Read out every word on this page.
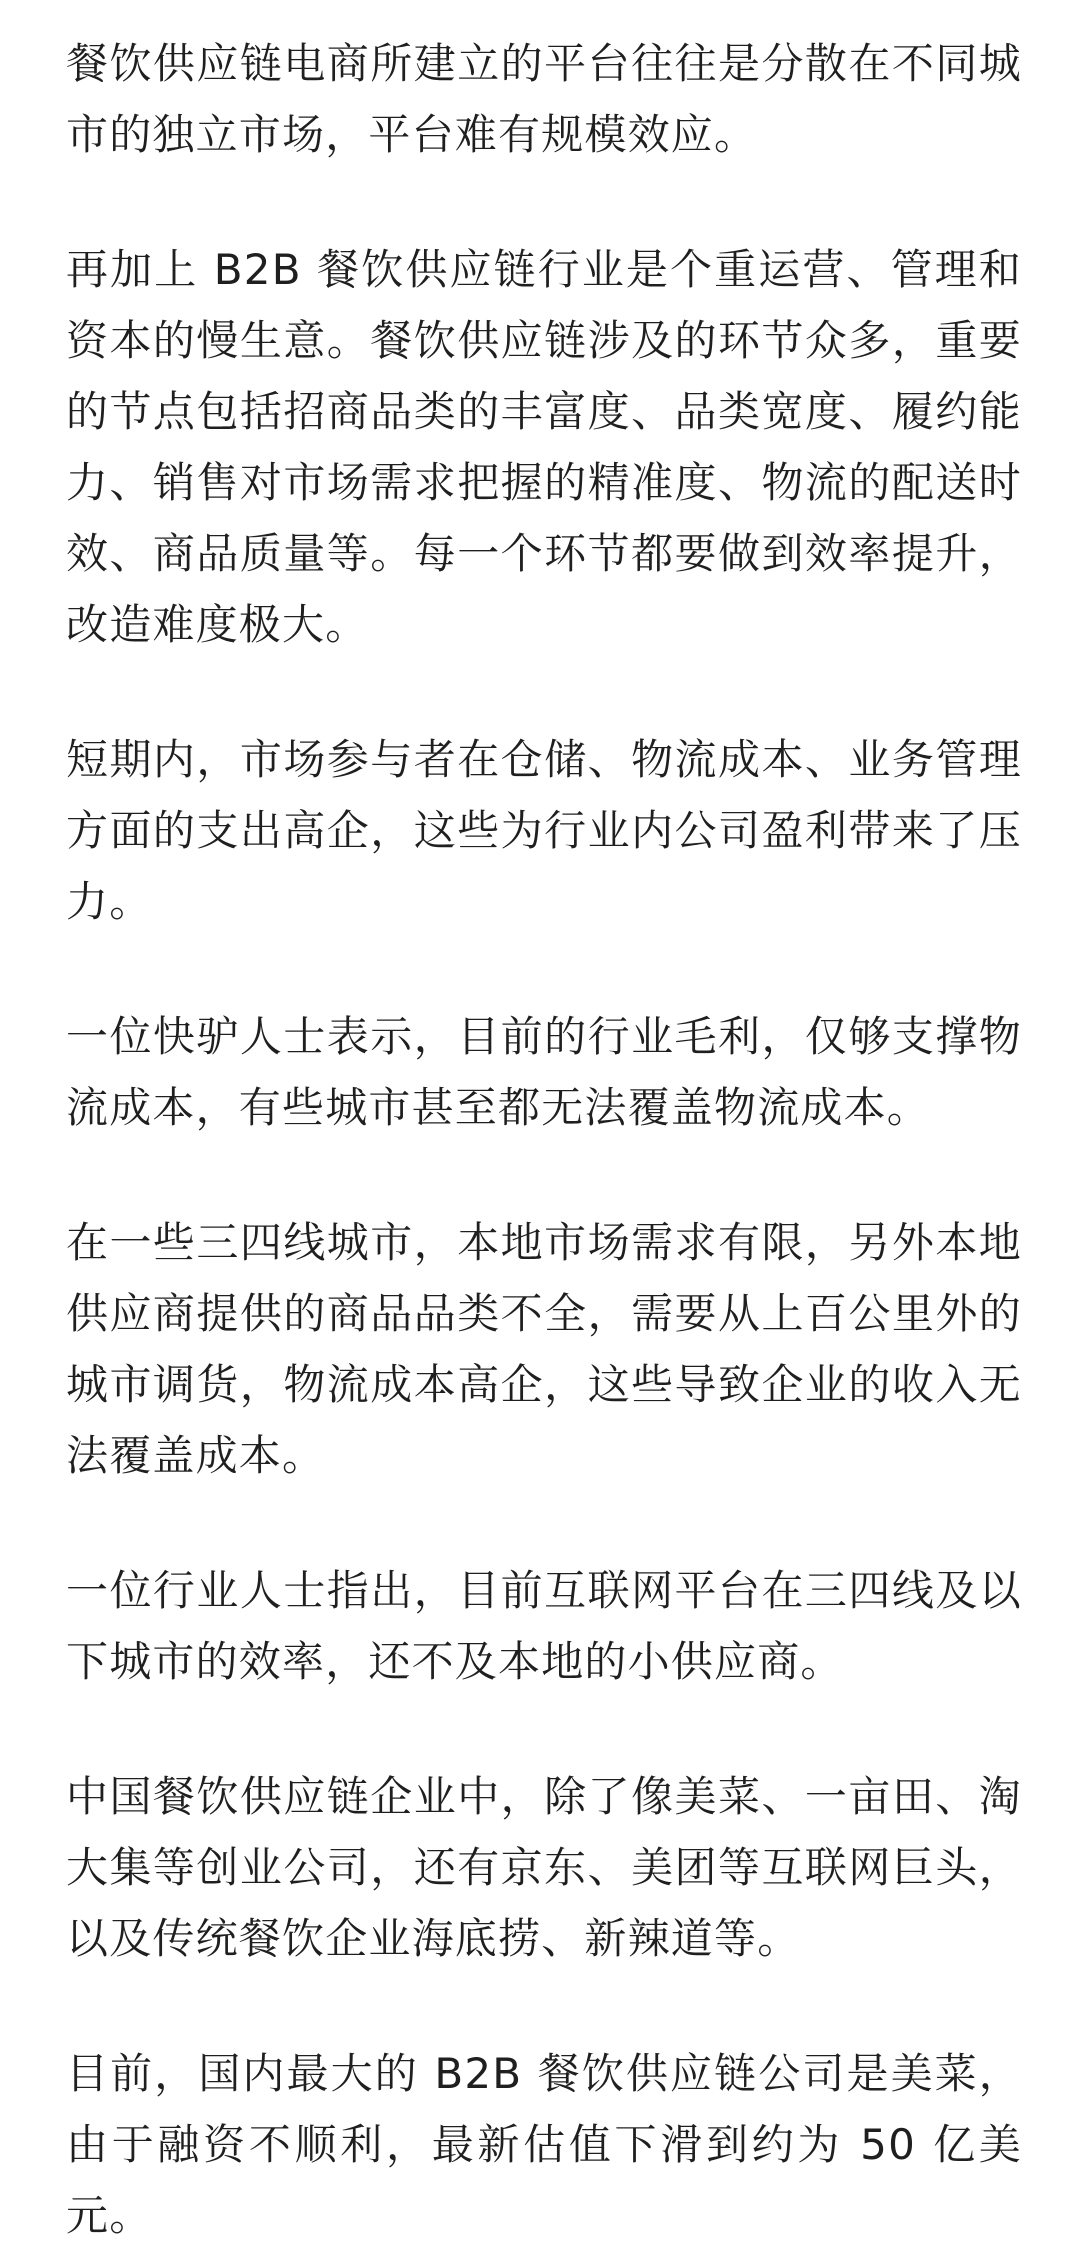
餐饮供应链电商所建立的平台往往是分散在不同城市的独立市场，平台难有规模效应。

再加上 B2B 餐饮供应链行业是个重运营、管理和资本的慢生意。餐饮供应链涉及的环节众多，重要的节点包括招商品类的丰富度、品类宽度、履约能力、销售对市场需求把握的精准度、物流的配送时效、商品质量等。每一个环节都要做到效率提升，改造难度极大。

短期内，市场参与者在仓储、物流成本、业务管理方面的支出高企，这些为行业内公司盈利带来了压力。

一位快驴人士表示，目前的行业毛利，仅够支撑物流成本，有些城市甚至都无法覆盖物流成本。

在一些三四线城市，本地市场需求有限，另外本地供应商提供的商品品类不全，需要从上百公里外的城市调货，物流成本高企，这些导致企业的收入无法覆盖成本。

一位行业人士指出，目前互联网平台在三四线及以下城市的效率，还不及本地的小供应商。

中国餐饮供应链企业中，除了像美菜、一亩田、淘大集等创业公司，还有京东、美团等互联网巨头，以及传统餐饮企业海底捞、新辣道等。

目前，国内最大的 B2B 餐饮供应链公司是美菜，由于融资不顺利，最新估值下滑到约为 50 亿美元。
